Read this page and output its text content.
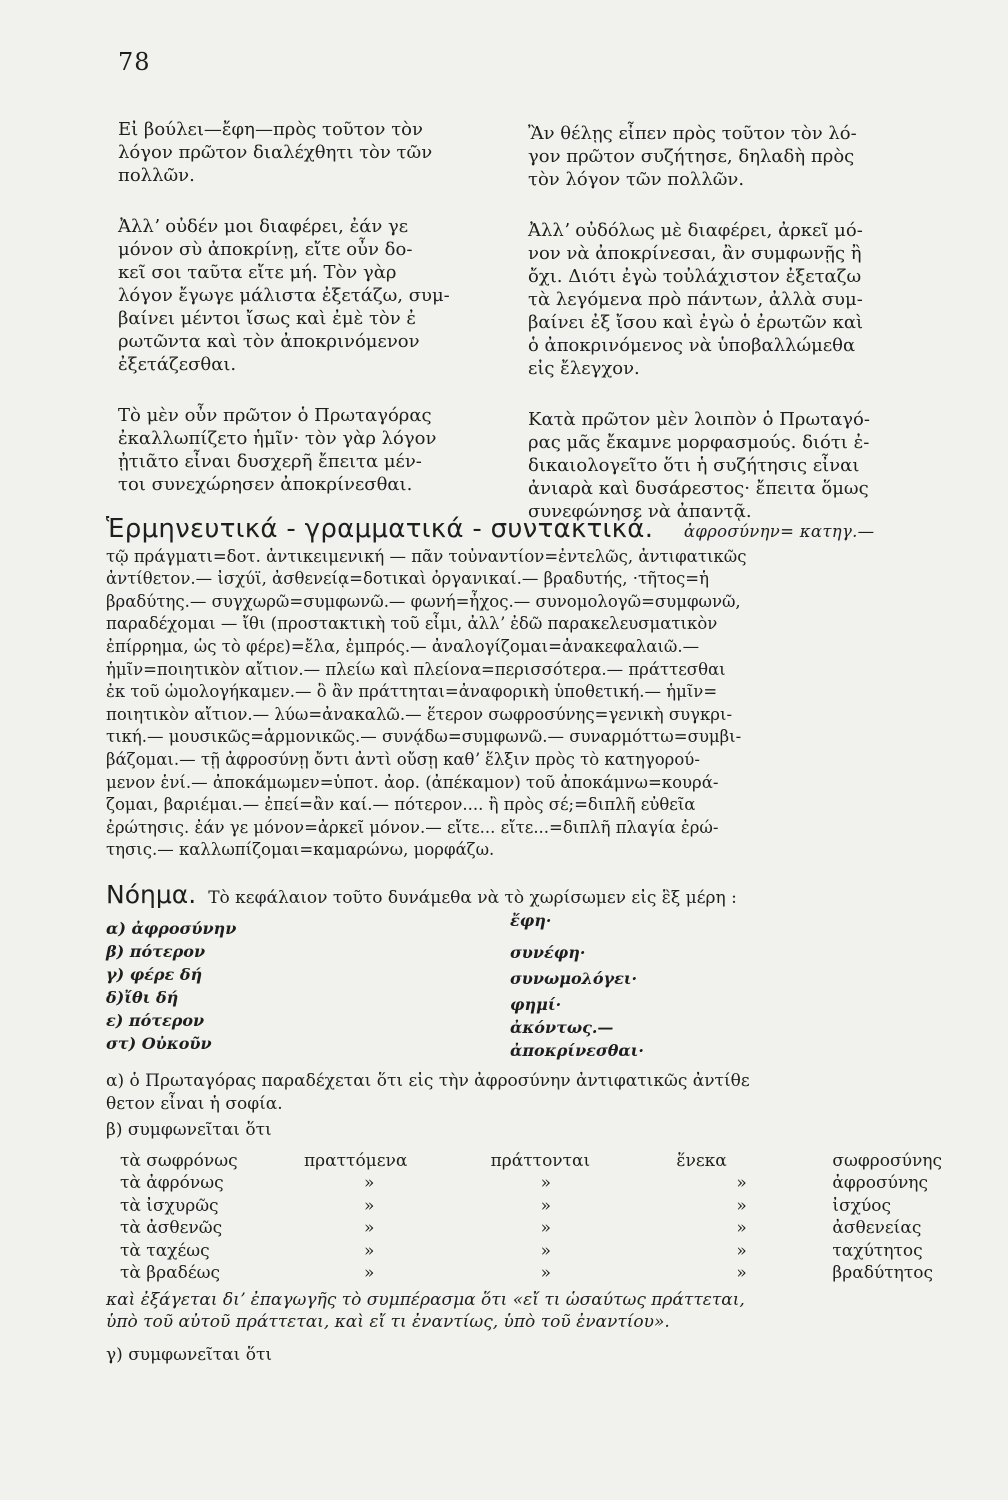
78

Εἰ βούλει—ἔφη—πρὸς τοῦτον τὸν
λόγον πρῶτον διαλέχθητι τὸν τῶν
πολλῶν.

Ἀλλʼ οὐδέν μοι διαφέρει, ἐάν γε
μόνον σὺ ἀποκρίνῃ, εἴτε οὖν δο-
κεῖ σοι ταῦτα εἴτε μή. Τὸν γὰρ
λόγον ἔγωγε μάλιστα ἐξετάζω, συμ-
βαίνει μέντοι ἴσως καὶ ἐμὲ τὸν ἐ
ρωτῶντα καὶ τὸν ἀποκρινόμενον
ἐξετάζεσθαι.

Τὸ μὲν οὖν πρῶτον ὁ Πρωταγόρας
ἐκαλλωπίζετο ἡμῖν· τὸν γὰρ λόγον
ᾐτιᾶτο εἶναι δυσχερῆ ἔπειτα μέν-
τοι συνεχώρησεν ἀποκρίνεσθαι.

Ἂν θέλῃς εἶπεν πρὸς τοῦτον τὸν λό-
γον πρῶτον συζήτησε, δηλαδὴ πρὸς
τὸν λόγον τῶν πολλῶν.

Ἀλλʼ οὐδόλως μὲ διαφέρει, ἀρκεῖ μό-
νον νὰ ἀποκρίνεσαι, ἂν συμφωνῇς ἢ
ὄχι. Διότι ἐγὼ τοὐλάχιστον ἐξεταζω
τὰ λεγόμενα πρὸ πάντων, ἀλλὰ συμ-
βαίνει ἐξ ἴσου καὶ ἐγὼ ὁ ἐρωτῶν καὶ
ὁ ἀποκρινόμενος νὰ ὑποβαλλώμεθα
εἰς ἔλεγχον.

Κατὰ πρῶτον μὲν λοιπὸν ὁ Πρωταγό-
ρας μᾶς ἔκαμνε μορφασμούς. διότι ἐ-
δικαιολογεῖτο ὅτι ἡ συζήτησις εἶναι
ἀνιαρὰ καὶ δυσάρεστος· ἔπειτα ὅμως
συνεφώνησε νὰ ἀπαντᾷ.

Ἑρμηνευτικά - γραμματικά - συντακτικά. ἀφροσύνην= κατηγ.—

τῷ πράγματι=δοτ. ἀντικειμενική — πᾶν τοὐναντίον=ἐντελῶς, ἀντιφατικῶς
ἀντίθετον.— ἰσχύϊ, ἀσθενείᾳ=δοτικαὶ ὀργανικαί.— βραδυτής, ·τῆτος=ἡ
βραδύτης.— συγχωρῶ=συμφωνῶ.— φωνή=ἦχος.— συνομολογῶ=συμφωνῶ,
παραδέχομαι — ἴθι (προστακτικὴ τοῦ εἶμι, ἀλλʼ ἐδῶ παρακελευσματικὸν
ἐπίρρημα, ὡς τὸ φέρε)=ἔλα, ἐμπρός.— ἀναλογίζομαι=ἀνακεφαλαιῶ.—
ἡμῖν=ποιητικὸν αἴτιον.— πλείω καὶ πλείονα=περισσότερα.— πράττεσθαι
ἐκ τοῦ ὡμολογήκαμεν.— ὃ ἂν πράττηται=ἀναφορικὴ ὑποθετική.— ἡμῖν=
ποιητικὸν αἴτιον.— λύω=ἀνακαλῶ.— ἕτερον σωφροσύνης=γενικὴ συγκρι-
τική.— μουσικῶς=ἁρμονικῶς.— συνᾴδω=συμφωνῶ.— συναρμόττω=συμβι-
βάζομαι.— τῇ ἀφροσύνῃ ὄντι ἀντὶ οὔσῃ καθʼ ἕλξιν πρὸς τὸ κατηγορού-
μενον ἑνί.— ἀποκάμωμεν=ὑποτ. ἀορ. (ἀπέκαμον) τοῦ ἀποκάμνω=κουρά-
ζομαι, βαριέμαι.— ἐπεί=ἂν καί.— πότερον.... ἢ πρὸς σέ;=διπλῆ εὐθεῖα
ἐρώτησις. ἐάν γε μόνον=ἀρκεῖ μόνον.— εἴτε... εἴτε...=διπλῆ πλαγία ἐρώ-
τησις.— καλλωπίζομαι=καμαρώνω, μορφάζω.

Νόημα. Τὸ κεφάλαιον τοῦτο δυνάμεθα νὰ τὸ χωρίσωμεν εἰς ἓξ μέρη :
α) ἀφροσύνην	ἔφη·
β) πότερον	συνέφη·
γ) φέρε δή	συνωμολόγει·
δ)ἴθι δή	φημί·
ε) πότερον	ἀκόντως.—
στ) Οὐκοῦν	ἀποκρίνεσθαι·

α) ὁ Πρωταγόρας παραδέχεται ὅτι εἰς τὴν ἀφροσύνην ἀντιφατικῶς ἀντίθε
θετον εἶναι ἡ σοφία.

β) συμφωνεῖται ὅτι

τὰ σωφρόνως	πραττόμενα	πράττονται	ἕνεκα	σωφροσύνης
τὰ ἀφρόνως	»	»	»	ἀφροσύνης
τὰ ἰσχυρῶς	»	»	»	ἰσχύος
τὰ ἀσθενῶς	»	»	»	ἀσθενείας
τὰ ταχέως	»	»	»	ταχύτητος
τὰ βραδέως	»	»	»	βραδύτητος

καὶ ἐξάγεται διʼ ἐπαγωγῆς τὸ συμπέρασμα ὅτι «εἴ τι ὡσαύτως πράττεται,
ὑπὸ τοῦ αὐτοῦ πράττεται, καὶ εἴ τι ἐναντίως, ὑπὸ τοῦ ἐναντίου».

γ) συμφωνεῖται ὅτι
